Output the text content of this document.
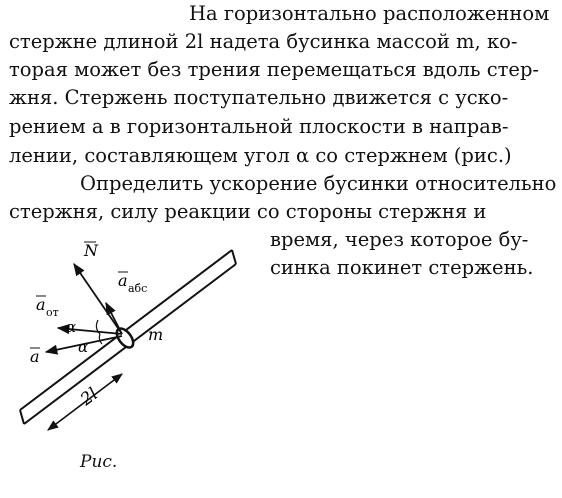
На горизонтально расположенном
стержне длиной 2l надета бусинка массой m, ко-
торая может без трения перемещаться вдоль стер-
жня. Стержень поступательно движется с уско-
рением a в горизонтальной плоскости в направ-
лении, составляющем угол α со стержнем (рис.)
Определить ускорение бусинки относительно
стержня, силу реакции со стороны стержня и
время, через которое бу-
синка покинет стержень.
N
a абс
a от
a
α
α
m
2l
Рис.
